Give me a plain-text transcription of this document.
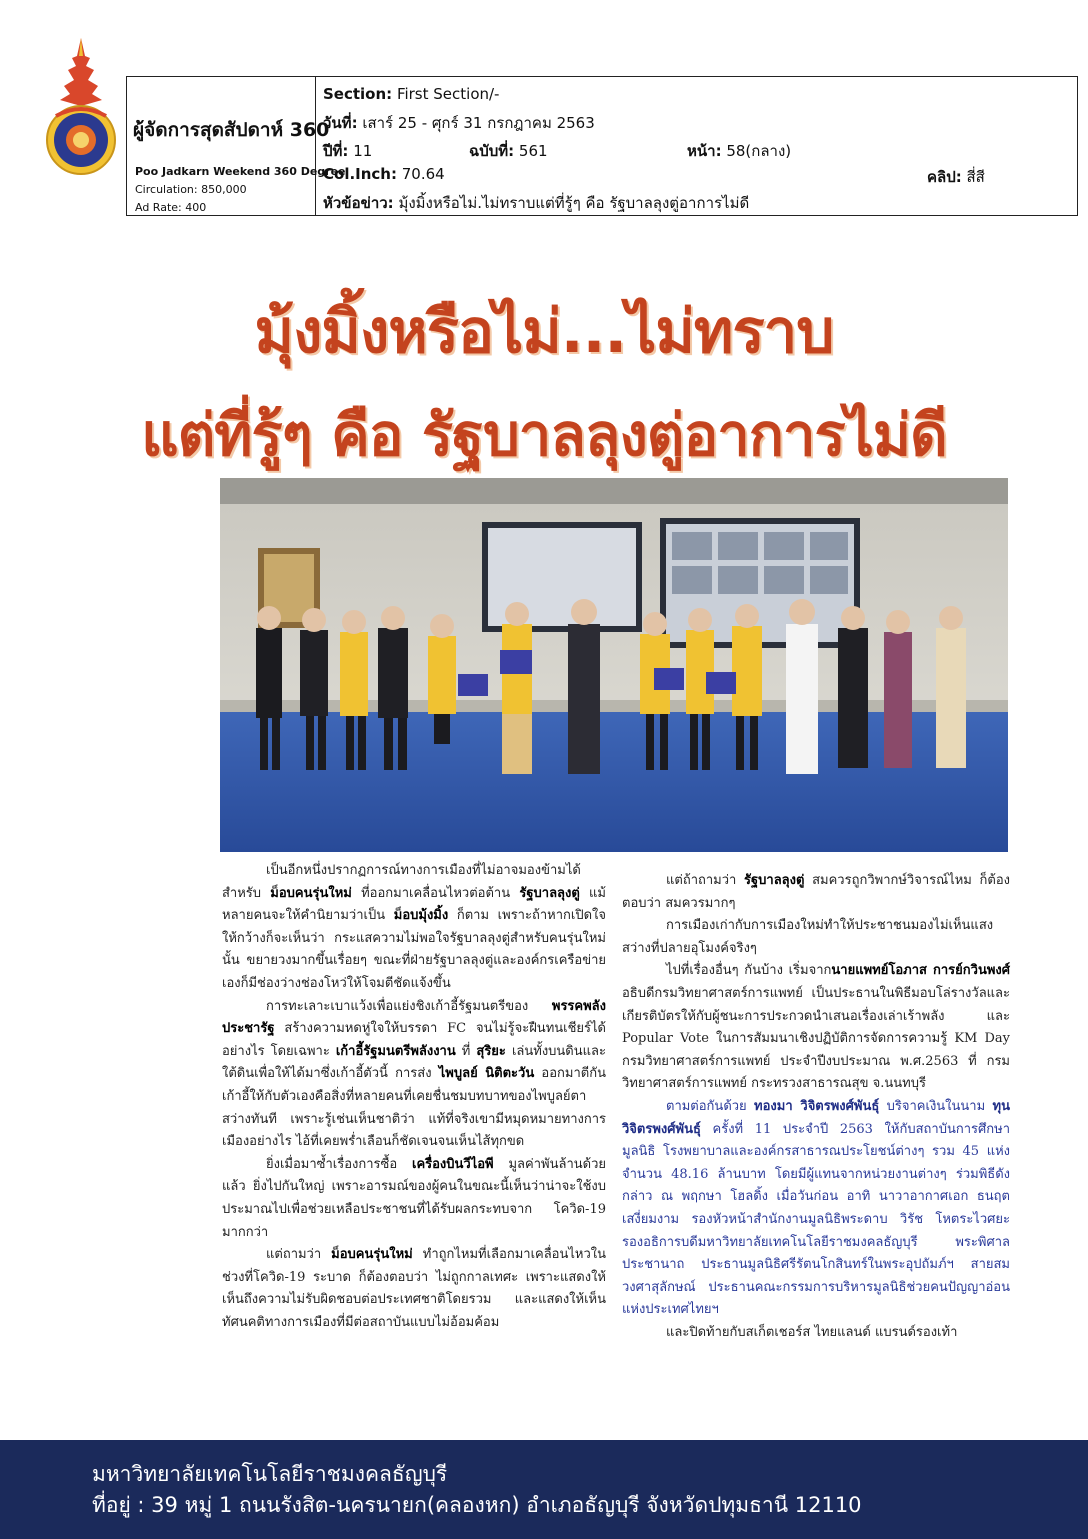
ผู้จัดการสุดสัปดาห์ 360
Poo Jadkarn Weekend 360 Degree
Circulation: 850,000
Ad Rate: 400
Section: First Section/-
วันที่: เสาร์ 25 - ศุกร์ 31 กรกฎาคม 2563
ปีที่: 11	ฉบับที่: 561	หน้า: 58(กลาง)
Col.Inch: 70.64	คลิป: สี่สี
หัวข้อข่าว: มุ้งมิ้งหรือไม่.ไม่ทราบแต่ที่รู้ๆ คือ รัฐบาลลุงตู่อาการไม่ดี
มุ้งมิ้งหรือไม่...ไม่ทราบ
แต่ที่รู้ๆ คือ รัฐบาลลุงตู่อาการไม่ดี

เป็นอีกหนึ่งปรากฏการณ์ทางการเมืองที่ไม่อาจมองข้ามได้สำหรับ ม็อบคนรุ่นใหม่ ที่ออกมาเคลื่อนไหวต่อต้าน รัฐบาลลุงตู่ แม้หลายคนจะให้คำนิยามว่าเป็น ม็อบมุ้งมิ้ง ก็ตาม เพราะถ้าหากเปิดใจให้กว้างก็จะเห็นว่า กระแสความไม่พอใจรัฐบาลลุงตู่สำหรับคนรุ่นใหม่นั้น ขยายวงมากขึ้นเรื่อยๆ ขณะที่ฝ่ายรัฐบาลลุงตู่และองค์กรเครือข่ายเองก็มีช่องว่างช่องโหว่ให้โจมตีชัดแจ้งขึ้น

การทะเลาะเบาแว้งเพื่อแย่งชิงเก้าอี้รัฐมนตรีของ พรรคพลังประชารัฐ สร้างความหดหู่ใจให้บรรดา FC จนไม่รู้จะฝืนทนเชียร์ได้อย่างไร โดยเฉพาะ เก้าอี้รัฐมนตรีพลังงาน ที่ สุริยะ เล่นทั้งบนดินและใต้ดินเพื่อให้ได้มาซึ่งเก้าอี้ตัวนี้ การส่ง ไพบูลย์ นิติตะวัน ออกมาตีกันเก้าอี้ให้กับตัวเองคือสิ่งที่หลายคนที่เคยชื่นชมบทบาทของไพบูลย์ตาสว่างทันที เพราะรู้เช่นเห็นชาติว่า แท้ที่จริงเขามีหมุดหมายทางการเมืองอย่างไร ไอ้ที่เคยพร่ำเลือนก็ชัดเจนจนเห็นไส้ทุกขด

ยิ่งเมื่อมาซ้ำเรื่องการซื้อ เครื่องบินวีไอพี มูลค่าพันล้านด้วยแล้ว ยิ่งไปกันใหญ่ เพราะอารมณ์ของผู้คนในขณะนี้เห็นว่าน่าจะใช้งบประมาณไปเพื่อช่วยเหลือประชาชนที่ได้รับผลกระทบจาก โควิด-19 มากกว่า

แต่ถามว่า ม็อบคนรุ่นใหม่ ทำถูกไหมที่เลือกมาเคลื่อนไหวในช่วงที่โควิด-19 ระบาด ก็ต้องตอบว่า ไม่ถูกกาลเทศะ เพราะแสดงให้เห็นถึงความไม่รับผิดชอบต่อประเทศชาติโดยรวม และแสดงให้เห็นทัศนคติทางการเมืองที่มีต่อสถาบันแบบไม่อ้อมค้อม

แต่ถ้าถามว่า รัฐบาลลุงตู่ สมควรถูกวิพากษ์วิจารณ์ไหม ก็ต้องตอบว่า สมควรมากๆ

การเมืองเก่ากับการเมืองใหม่ทำให้ประชาชนมองไม่เห็นแสงสว่างที่ปลายอุโมงค์จริงๆ

ไปที่เรื่องอื่นๆ กันบ้าง เริ่มจากนายแพทย์โอภาส การย์กวินพงศ์ อธิบดีกรมวิทยาศาสตร์การแพทย์ เป็นประธานในพิธีมอบโล่รางวัลและเกียรติบัตรให้กับผู้ชนะการประกวดนำเสนอเรื่องเล่าเร้าพลัง และ Popular Vote ในการสัมมนาเชิงปฏิบัติการจัดการความรู้ KM Day กรมวิทยาศาสตร์การแพทย์ ประจำปีงบประมาณ พ.ศ.2563 ที่ กรมวิทยาศาสตร์การแพทย์ กระทรวงสาธารณสุข จ.นนทบุรี

ตามต่อกันด้วย ทองมา วิจิตรพงศ์พันธุ์ บริจาคเงินในนาม ทุนวิจิตรพงศ์พันธุ์ ครั้งที่ 11 ประจำปี 2563 ให้กับสถาบันการศึกษา มูลนิธิ โรงพยาบาลและองค์กรสาธารณประโยชน์ต่างๆ รวม 45 แห่ง จำนวน 48.16 ล้านบาท โดยมีผู้แทนจากหน่วยงานต่างๆ ร่วมพิธีดังกล่าว ณ พฤกษา โฮลดิ้ง เมื่อวันก่อน อาทิ นาวาอากาศเอก ธนฤต เสงี่ยมงาม รองหัวหน้าสำนักงานมูลนิธิพระดาบ วิรัช โหตระไวศยะ รองอธิการบดีมหาวิทยาลัยเทคโนโลยีราชมงคลธัญบุรี พระพิศาลประชานาถ ประธานมูลนิธิศรีรัตนโกสินทร์ในพระอุปถัมภ์ฯ สายสม วงศาสุลักษณ์ ประธานคณะกรรมการบริหารมูลนิธิช่วยคนปัญญาอ่อนแห่งประเทศไทยฯ

และปิดท้ายกับสเก็ตเชอร์ส ไทยแลนด์ แบรนด์รองเท้า

มหาวิทยาลัยเทคโนโลยีราชมงคลธัญบุรี
ที่อยู่ : 39 หมู่ 1 ถนนรังสิต-นครนายก(คลองหก) อำเภอธัญบุรี จังหวัดปทุมธานี 12110
